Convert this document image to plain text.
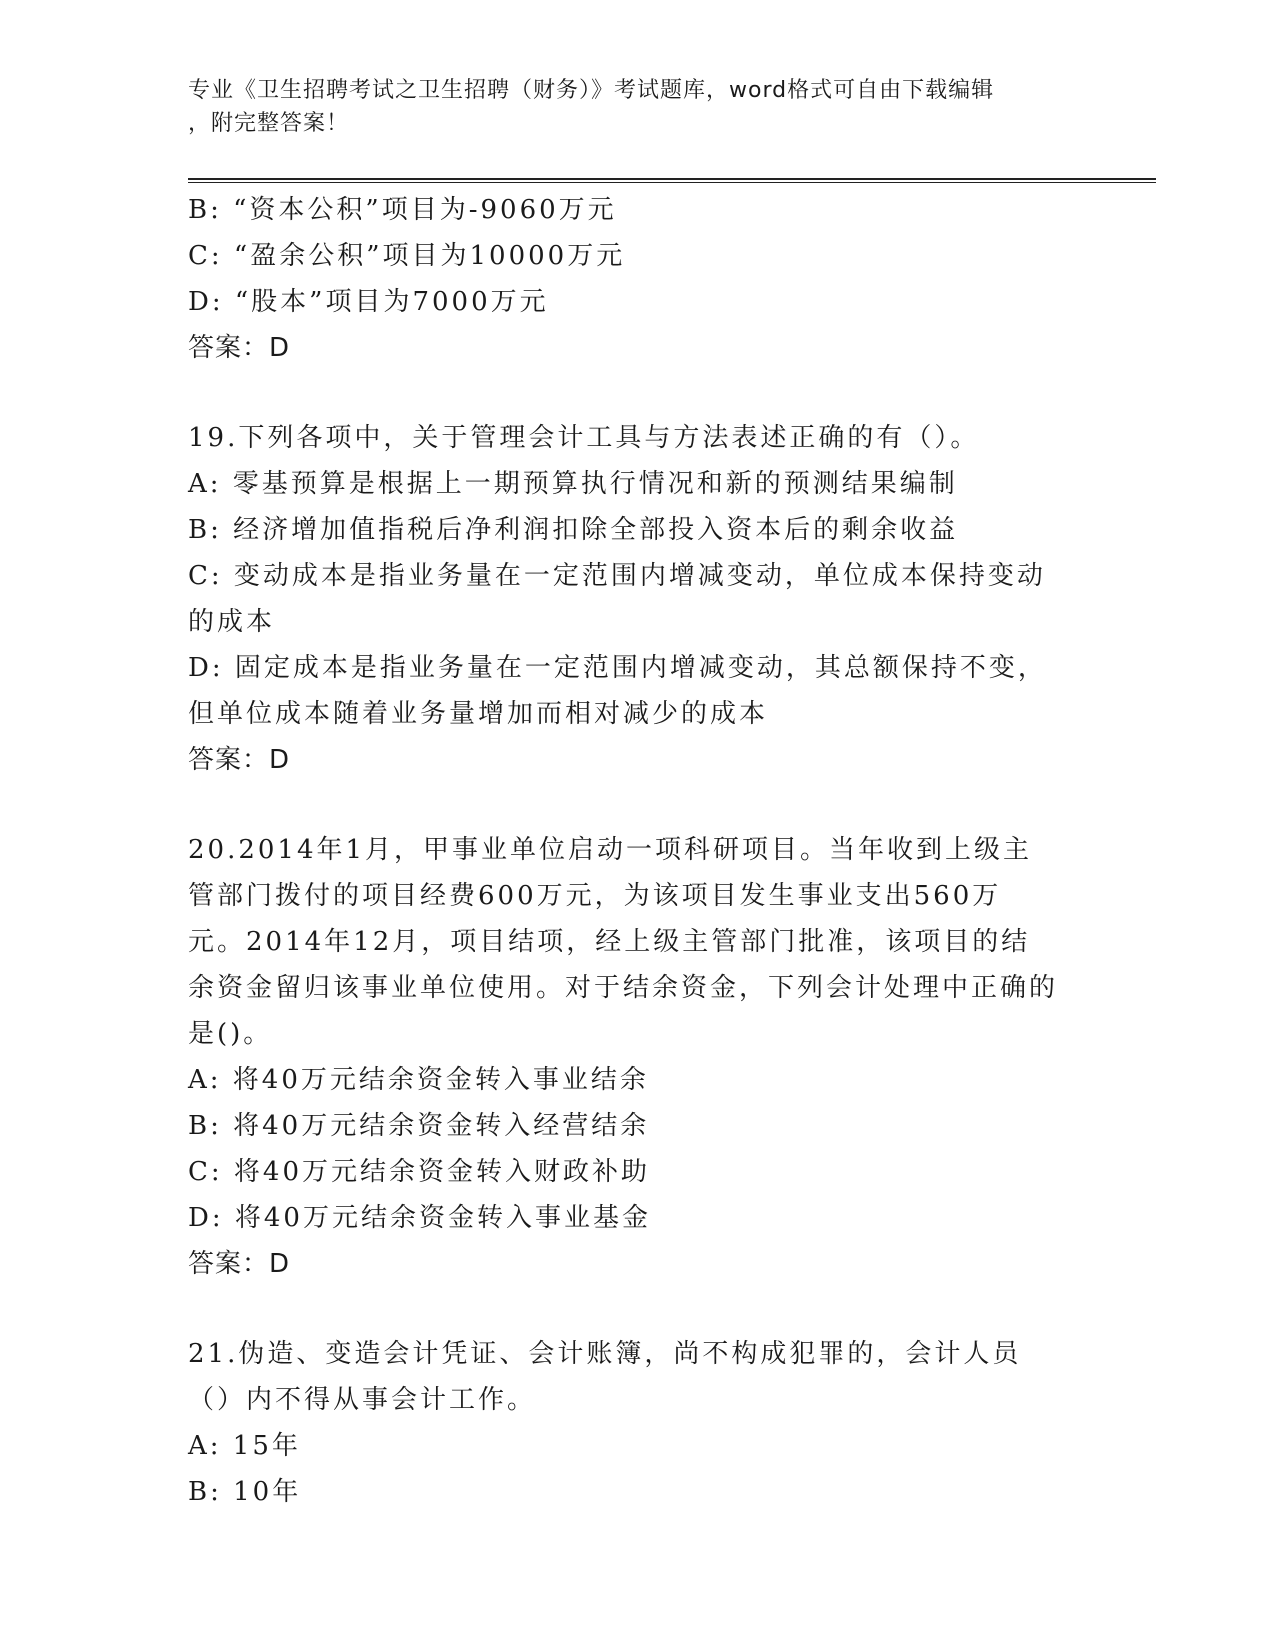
专业《卫生招聘考试之卫生招聘（财务）》考试题库，word格式可自由下载编辑
，附完整答案！
B: “资本公积”项目为-9060万元
C: “盈余公积”项目为10000万元
D: “股本”项目为7000万元
答案：D
19.下列各项中，关于管理会计工具与方法表述正确的有（）。
A: 零基预算是根据上一期预算执行情况和新的预测结果编制
B: 经济增加值指税后净利润扣除全部投入资本后的剩余收益
C: 变动成本是指业务量在一定范围内增减变动，单位成本保持变动的成本
D: 固定成本是指业务量在一定范围内增减变动，其总额保持不变，但单位成本随着业务量增加而相对减少的成本
答案：D
20.2014年1月，甲事业单位启动一项科研项目。当年收到上级主管部门拨付的项目经费600万元，为该项目发生事业支出560万元。2014年12月，项目结项，经上级主管部门批准，该项目的结余资金留归该事业单位使用。对于结余资金，下列会计处理中正确的是()。
A: 将40万元结余资金转入事业结余
B: 将40万元结余资金转入经营结余
C: 将40万元结余资金转入财政补助
D: 将40万元结余资金转入事业基金
答案：D
21.伪造、变造会计凭证、会计账簿，尚不构成犯罪的，会计人员（）内不得从事会计工作。
A: 15年
B: 10年
